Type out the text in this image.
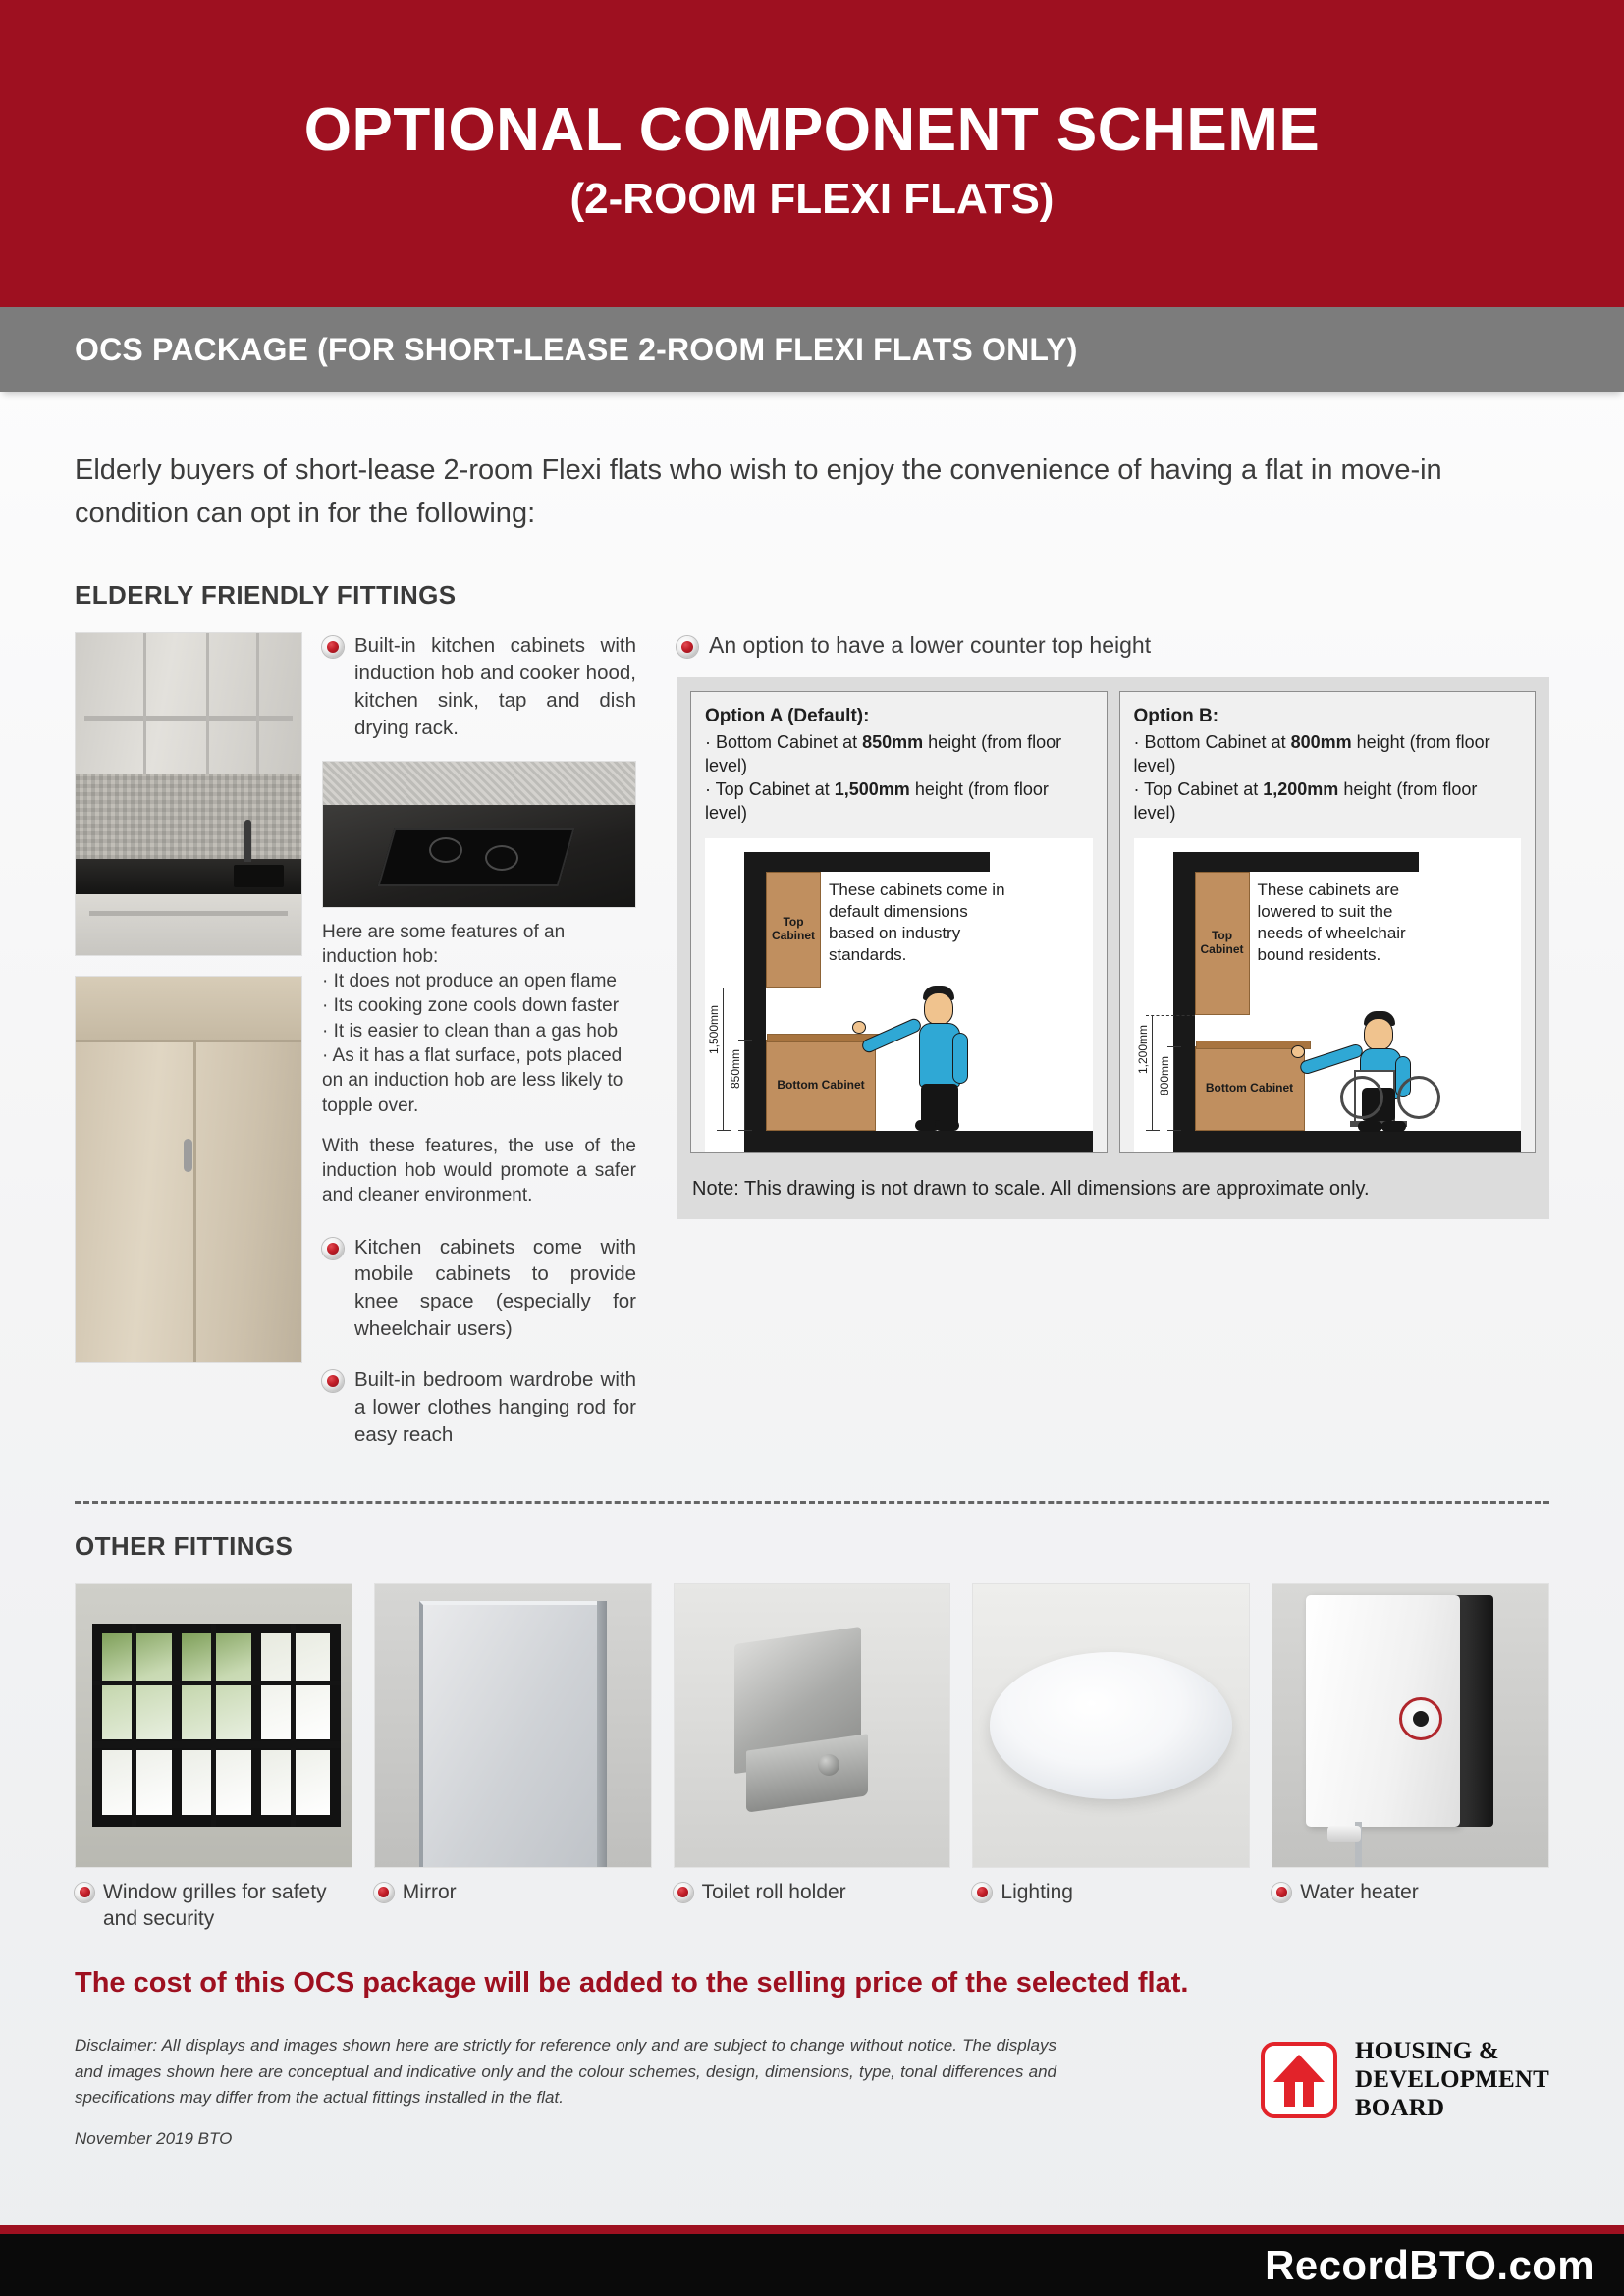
OPTIONAL COMPONENT SCHEME
(2-ROOM FLEXI FLATS)
OCS PACKAGE (FOR SHORT-LEASE 2-ROOM FLEXI FLATS ONLY)
Elderly buyers of short-lease 2-room Flexi flats who wish to enjoy the convenience of having a flat in move-in condition can opt in for the following:
ELDERLY FRIENDLY FITTINGS
Built-in kitchen cabinets with induction hob and cooker hood, kitchen sink, tap and dish drying rack.

Here are some features of an induction hob:

· It does not produce an open flame

· Its cooking zone cools down faster

· It is easier to clean than a gas hob

· As it has a flat surface, pots placed on an induction hob are less likely to topple over.

With these features, the use of the induction hob would promote a safer and cleaner environment.

Kitchen cabinets come with mobile cabinets to provide knee space (especially for wheelchair users)
Built-in bedroom wardrobe with a lower clothes hanging rod for easy reach
An option to have a lower counter top height
Option A (Default):
· Bottom Cabinet at 850mm height (from floor level)
· Top Cabinet at 1,500mm height (from floor level)
Top Cabinet
Bottom Cabinet
1,500mm
850mm
These cabinets come in default dimensions based on industry standards.
Option B:
· Bottom Cabinet at 800mm height (from floor level)
· Top Cabinet at 1,200mm height (from floor level)
Top Cabinet
Bottom Cabinet
1,200mm
800mm
These cabinets are lowered to suit the needs of wheelchair bound residents.
Note: This drawing is not drawn to scale. All dimensions are approximate only.
OTHER FITTINGS
Window grilles for safety and security
Mirror	Toilet roll holder	Lighting	Water heater
The cost of this OCS package will be added to the selling price of the selected flat.
Disclaimer: All displays and images shown here are strictly for reference only and are subject to change without notice. The displays and images shown here are conceptual and indicative only and the colour schemes, design, dimensions, type, tonal differences and specifications may differ from the actual fittings installed in the flat.
November 2019 BTO
HOUSING &
DEVELOPMENT
BOARD
RecordBTO.com
